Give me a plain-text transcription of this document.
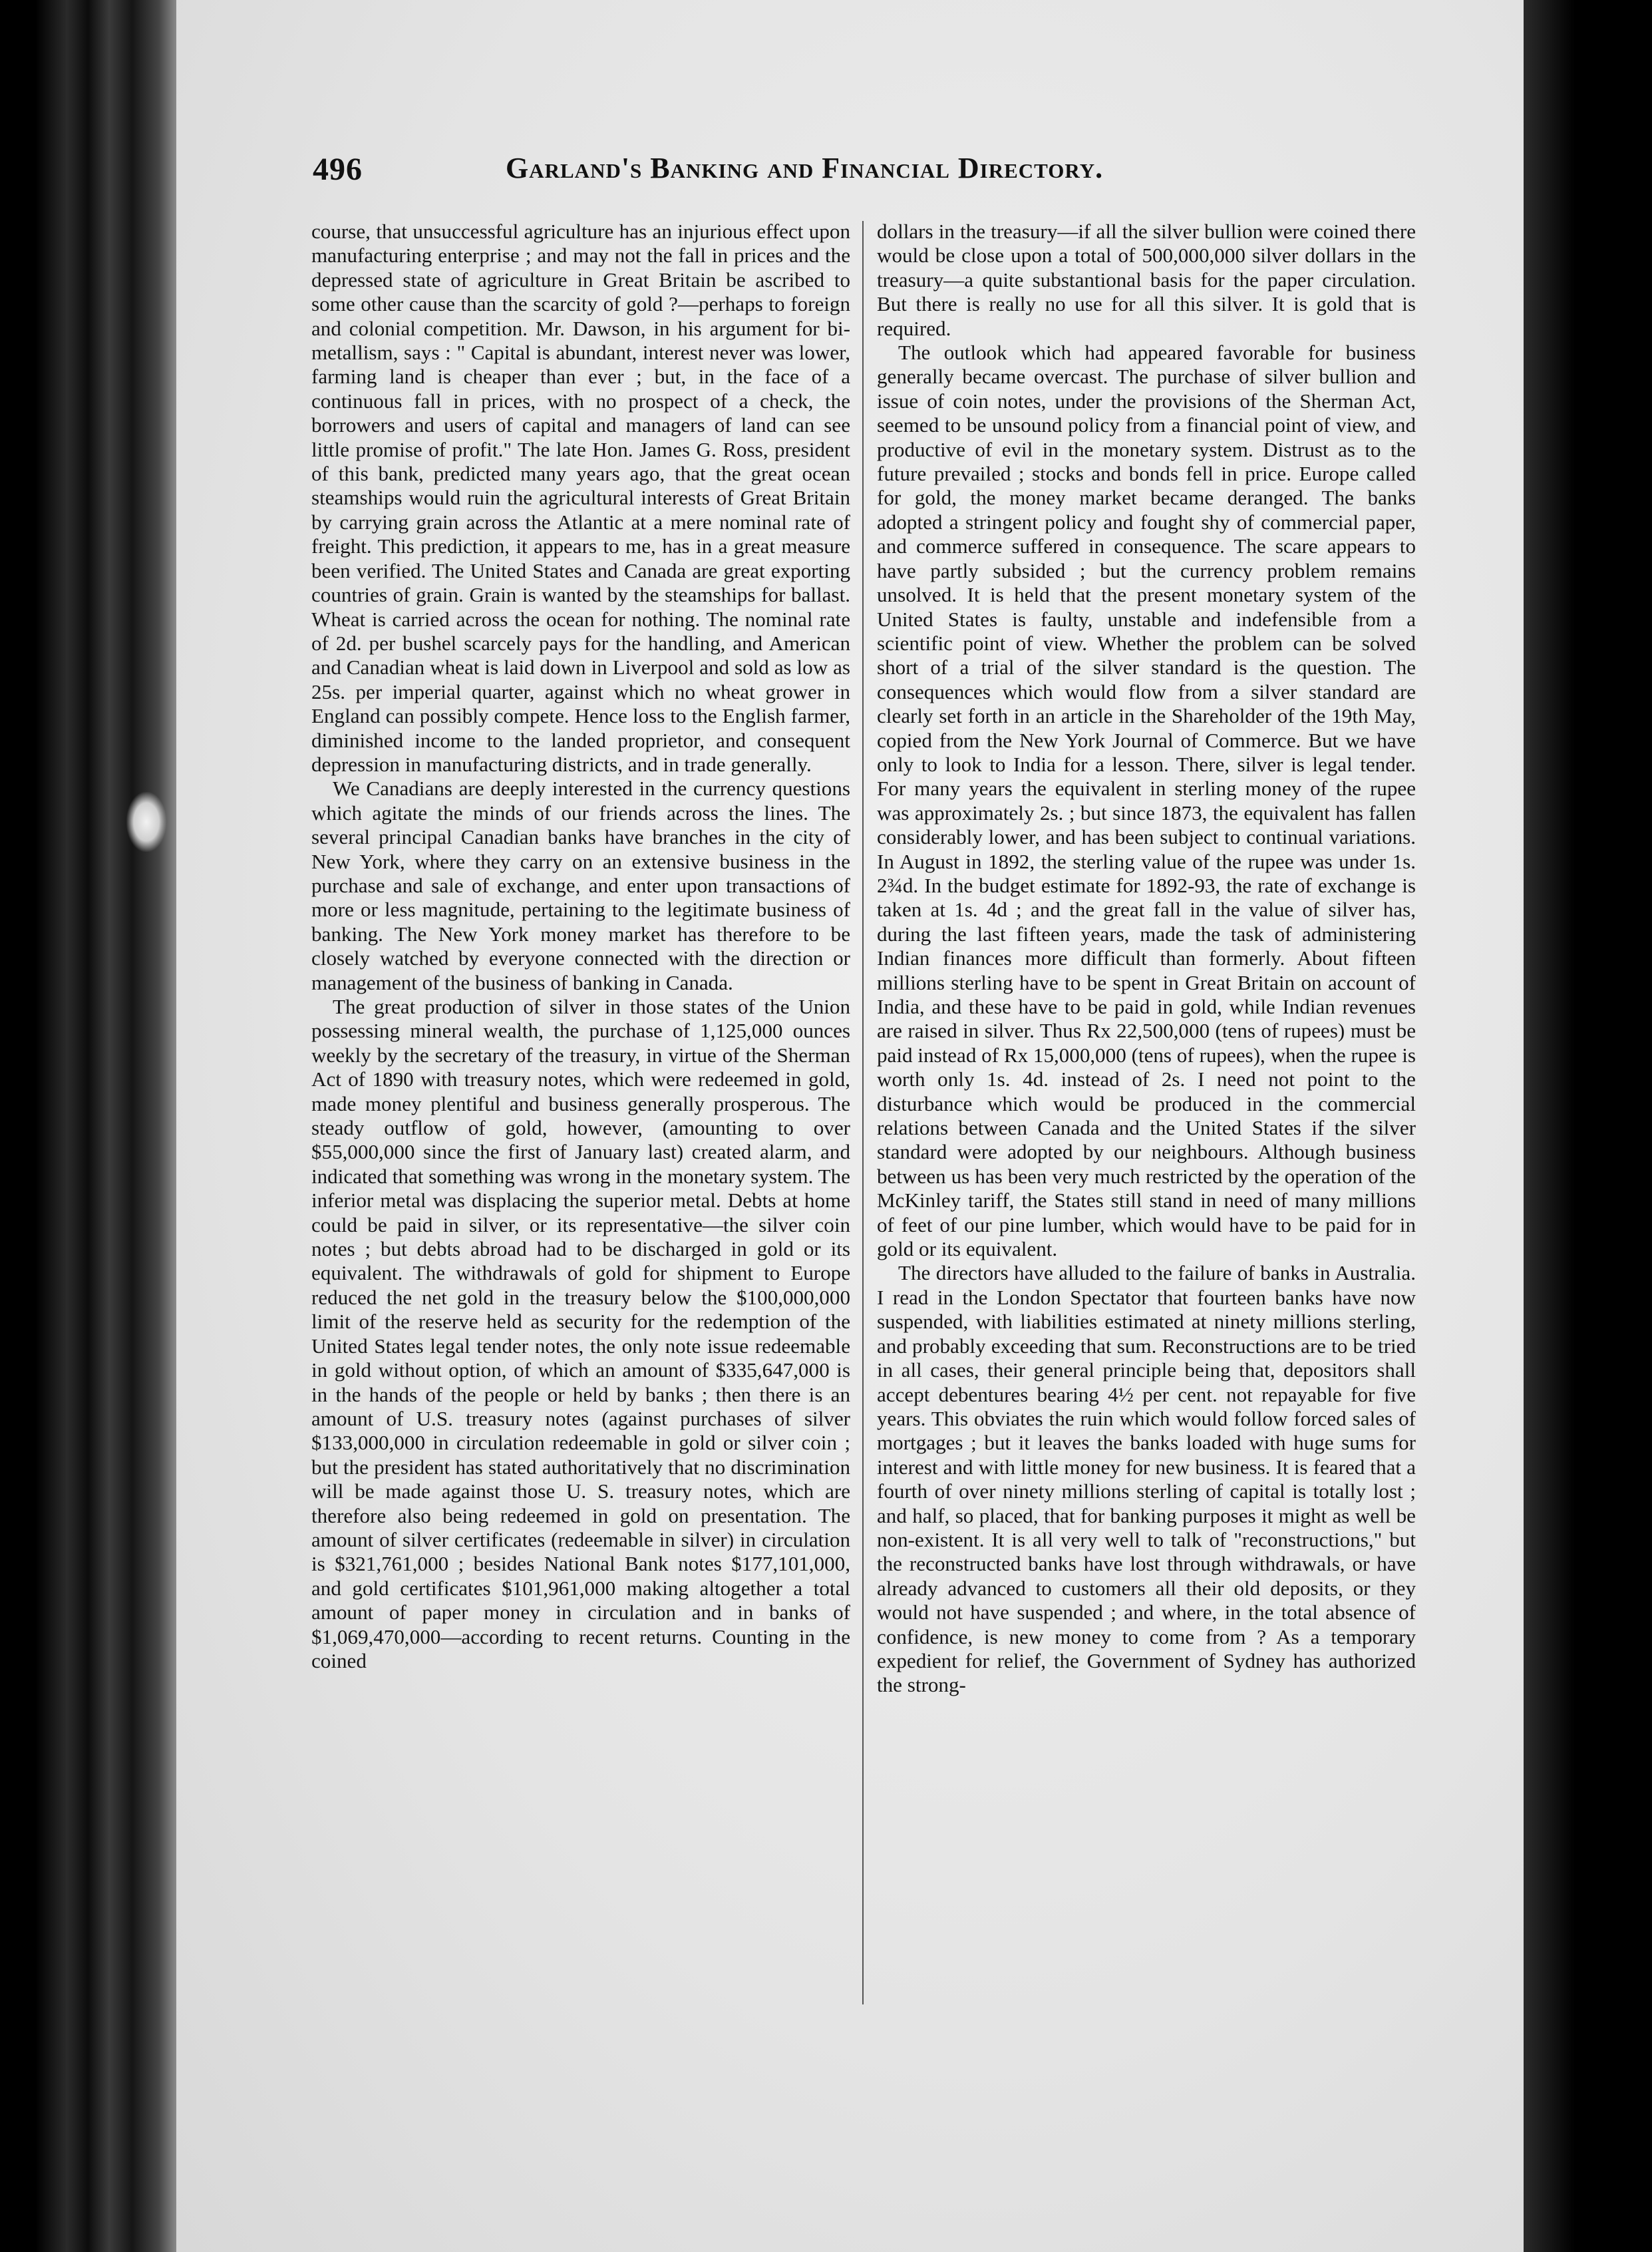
496	Garland's Banking and Financial Directory.

course, that unsuccessful agriculture has an injurious effect upon manufacturing enterprise ; and may not the fall in prices and the depressed state of agriculture in Great Britain be ascribed to some other cause than the scarcity of gold ?—perhaps to foreign and colonial competition. Mr. Dawson, in his argument for bi-metallism, says : " Capital is abundant, interest never was lower, farming land is cheaper than ever ; but, in the face of a continuous fall in prices, with no prospect of a check, the borrowers and users of capital and managers of land can see little promise of profit." The late Hon. James G. Ross, president of this bank, predicted many years ago, that the great ocean steamships would ruin the agricultural interests of Great Britain by carrying grain across the Atlantic at a mere nominal rate of freight. This prediction, it appears to me, has in a great measure been verified. The United States and Canada are great exporting countries of grain. Grain is wanted by the steamships for ballast. Wheat is carried across the ocean for nothing. The nominal rate of 2d. per bushel scarcely pays for the handling, and American and Canadian wheat is laid down in Liverpool and sold as low as 25s. per imperial quarter, against which no wheat grower in England can possibly compete. Hence loss to the English farmer, diminished income to the landed proprietor, and consequent depression in manufacturing districts, and in trade generally.

We Canadians are deeply interested in the currency questions which agitate the minds of our friends across the lines. The several principal Canadian banks have branches in the city of New York, where they carry on an extensive business in the purchase and sale of exchange, and enter upon transactions of more or less magnitude, pertaining to the legitimate business of banking. The New York money market has therefore to be closely watched by everyone connected with the direction or management of the business of banking in Canada.

The great production of silver in those states of the Union possessing mineral wealth, the purchase of 1,125,000 ounces weekly by the secretary of the treasury, in virtue of the Sherman Act of 1890 with treasury notes, which were redeemed in gold, made money plentiful and business generally prosperous. The steady outflow of gold, however, (amounting to over $55,000,000 since the first of January last) created alarm, and indicated that something was wrong in the monetary system. The inferior metal was displacing the superior metal. Debts at home could be paid in silver, or its representative—the silver coin notes ; but debts abroad had to be discharged in gold or its equivalent. The withdrawals of gold for shipment to Europe reduced the net gold in the treasury below the $100,000,000 limit of the reserve held as security for the redemption of the United States legal tender notes, the only note issue redeemable in gold without option, of which an amount of $335,647,000 is in the hands of the people or held by banks ; then there is an amount of U.S. treasury notes (against purchases of silver $133,000,000 in circulation redeemable in gold or silver coin ; but the president has stated authoritatively that no discrimination will be made against those U. S. treasury notes, which are therefore also being redeemed in gold on presentation. The amount of silver certificates (redeemable in silver) in circulation is $321,761,000 ; besides National Bank notes $177,101,000, and gold certificates $101,961,000 making altogether a total amount of paper money in circulation and in banks of $1,069,470,000—according to recent returns. Counting in the coined

dollars in the treasury—if all the silver bullion were coined there would be close upon a total of 500,000,000 silver dollars in the treasury—a quite substantional basis for the paper circulation. But there is really no use for all this silver. It is gold that is required.

The outlook which had appeared favorable for business generally became overcast. The purchase of silver bullion and issue of coin notes, under the provisions of the Sherman Act, seemed to be unsound policy from a financial point of view, and productive of evil in the monetary system. Distrust as to the future prevailed ; stocks and bonds fell in price. Europe called for gold, the money market became deranged. The banks adopted a stringent policy and fought shy of commercial paper, and commerce suffered in consequence. The scare appears to have partly subsided ; but the currency problem remains unsolved. It is held that the present monetary system of the United States is faulty, unstable and indefensible from a scientific point of view. Whether the problem can be solved short of a trial of the silver standard is the question. The consequences which would flow from a silver standard are clearly set forth in an article in the Shareholder of the 19th May, copied from the New York Journal of Commerce. But we have only to look to India for a lesson. There, silver is legal tender. For many years the equivalent in sterling money of the rupee was approximately 2s. ; but since 1873, the equivalent has fallen considerably lower, and has been subject to continual variations. In August in 1892, the sterling value of the rupee was under 1s. 2¾d. In the budget estimate for 1892-93, the rate of exchange is taken at 1s. 4d ; and the great fall in the value of silver has, during the last fifteen years, made the task of administering Indian finances more difficult than formerly. About fifteen millions sterling have to be spent in Great Britain on account of India, and these have to be paid in gold, while Indian revenues are raised in silver. Thus Rx 22,500,000 (tens of rupees) must be paid instead of Rx 15,000,000 (tens of rupees), when the rupee is worth only 1s. 4d. instead of 2s. I need not point to the disturbance which would be produced in the commercial relations between Canada and the United States if the silver standard were adopted by our neighbours. Although business between us has been very much restricted by the operation of the McKinley tariff, the States still stand in need of many millions of feet of our pine lumber, which would have to be paid for in gold or its equivalent.

The directors have alluded to the failure of banks in Australia. I read in the London Spectator that fourteen banks have now suspended, with liabilities estimated at ninety millions sterling, and probably exceeding that sum. Reconstructions are to be tried in all cases, their general principle being that, depositors shall accept debentures bearing 4½ per cent. not repayable for five years. This obviates the ruin which would follow forced sales of mortgages ; but it leaves the banks loaded with huge sums for interest and with little money for new business. It is feared that a fourth of over ninety millions sterling of capital is totally lost ; and half, so placed, that for banking purposes it might as well be non-existent. It is all very well to talk of "reconstructions," but the reconstructed banks have lost through withdrawals, or have already advanced to customers all their old deposits, or they would not have suspended ; and where, in the total absence of confidence, is new money to come from ? As a temporary expedient for relief, the Government of Sydney has authorized the strong-
